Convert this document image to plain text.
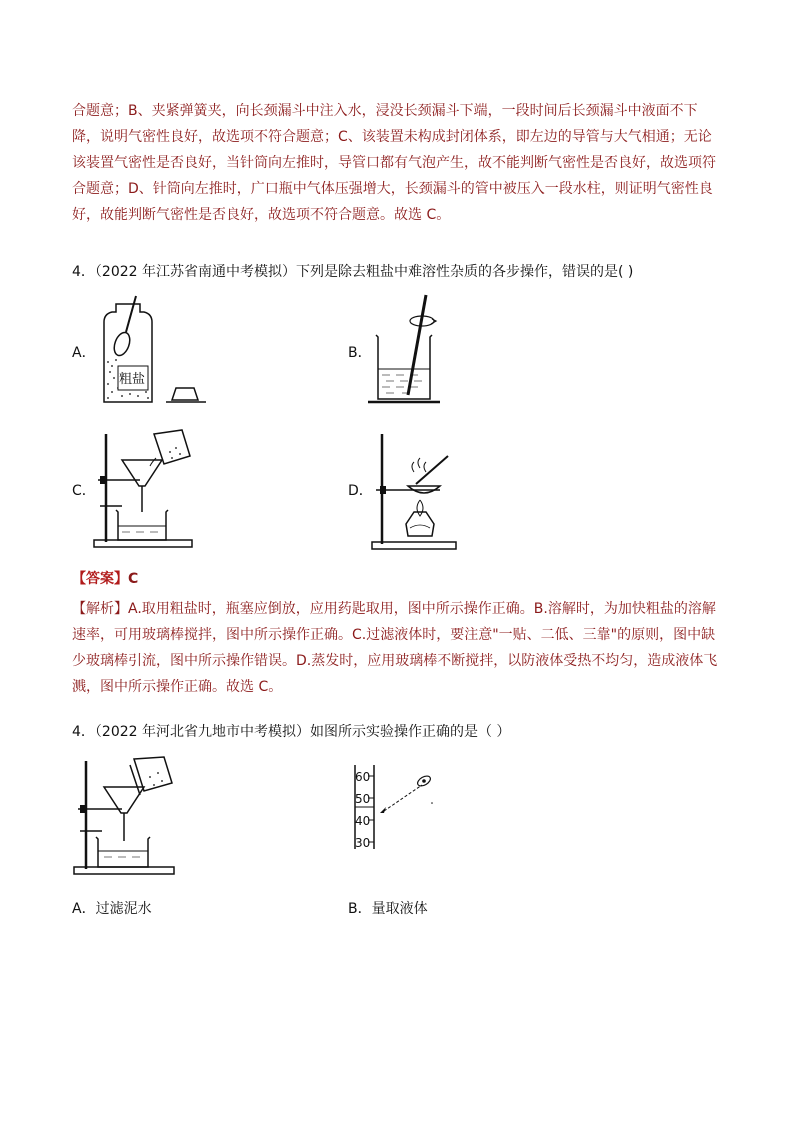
合题意；B、夹紧弹簧夹，向长颈漏斗中注入水，浸没长颈漏斗下端，一段时间后长颈漏斗中液面不下
降，说明气密性良好，故选项不符合题意；C、该装置未构成封闭体系，即左边的导管与大气相通；无论
该装置气密性是否良好，当针筒向左推时，导管口都有气泡产生，故不能判断气密性是否良好，故选项符
合题意；D、针筒向左推时，广口瓶中气体压强增大，长颈漏斗的管中被压入一段水柱，则证明气密性良
好，故能判断气密性是否良好，故选项不符合题意。故选 C。
4．（2022 年江苏省南通中考模拟）下列是除去粗盐中难溶性杂质的各步操作，错误的是( )
A．	B．
C．	D．
粗盐
【答案】C
【解析】A.取用粗盐时，瓶塞应倒放，应用药匙取用，图中所示操作正确。B.溶解时，为加快粗盐的溶解
速率，可用玻璃棒搅拌，图中所示操作正确。C.过滤液体时，要注意"一贴、二低、三靠"的原则，图中缺
少玻璃棒引流，图中所示操作错误。D.蒸发时，应用玻璃棒不断搅拌，以防液体受热不均匀，造成液体飞
溅，图中所示操作正确。故选 C。
4．（2022 年河北省九地市中考模拟）如图所示实验操作正确的是（ ）
60
50
40
30
A．过滤泥水	B．量取液体
